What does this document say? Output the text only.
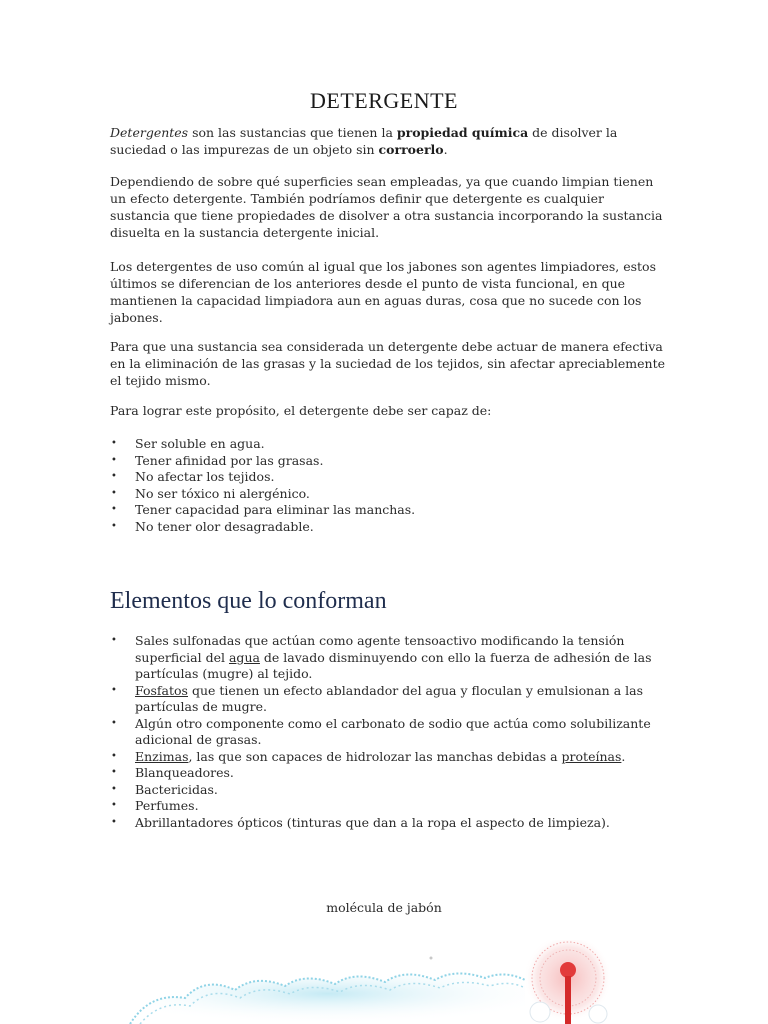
DETERGENTE

Detergentes son las sustancias que tienen la propiedad química de disolver la suciedad o las impurezas de un objeto sin corroerlo.

Dependiendo de sobre qué superficies sean empleadas, ya que cuando limpian tienen un efecto detergente. También podríamos definir que detergente es cualquier sustancia que tiene propiedades de disolver a otra sustancia incorporando la sustancia disuelta en la sustancia detergente inicial.

Los detergentes de uso común al igual que los jabones son agentes limpiadores, estos últimos se diferencian de los anteriores desde el punto de vista funcional, en que mantienen la capacidad limpiadora aun en aguas duras, cosa que no sucede con los jabones.

Para que una sustancia sea considerada un detergente debe actuar de manera efectiva en la eliminación de las grasas y la suciedad de los tejidos, sin afectar apreciablemente el tejido mismo.

Para lograr este propósito, el detergente debe ser capaz de:

• Ser soluble en agua.
• Tener afinidad por las grasas.
• No afectar los tejidos.
• No ser tóxico ni alergénico.
• Tener capacidad para eliminar las manchas.
• No tener olor desagradable.
Elementos que lo conforman
• Sales sulfonadas que actúan como agente tensoactivo modificando la tensión superficial del agua de lavado disminuyendo con ello la fuerza de adhesión de las partículas (mugre) al tejido.
• Fosfatos que tienen un efecto ablandador del agua y floculan y emulsionan a las partículas de mugre.
• Algún otro componente como el carbonato de sodio que actúa como solubilizante adicional de grasas.
• Enzimas, las que son capaces de hidrolozar las manchas debidas a proteínas.
• Blanqueadores.
• Bactericidas.
• Perfumes.
• Abrillantadores ópticos (tinturas que dan a la ropa el aspecto de limpieza).
molécula de jabón
